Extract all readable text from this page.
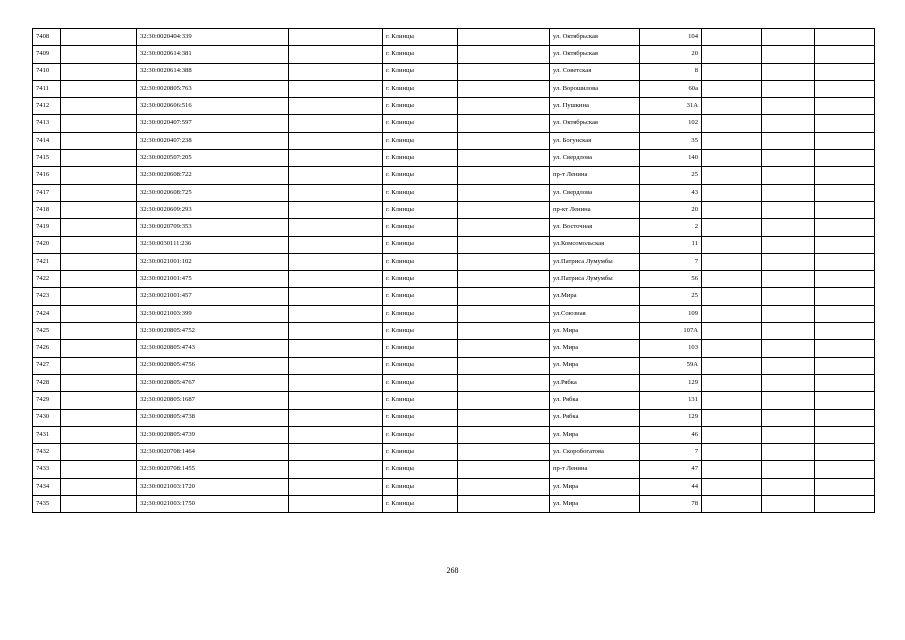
7408		32:30:0020404:339		г. Клинцы		ул. Октябрьская	104			
7409		32:30:0020614:381		г. Клинцы		ул. Октябрьская	20			
7410		32:30:0020614:388		г. Клинцы		ул. Советская	8			
7411		32:30:0020805:763		г. Клинцы		ул. Ворошилова	60а			
7412		32:30:0020606:516		г. Клинцы		ул. Пушкина	31А			
7413		32:30:0020407:597		г. Клинцы		ул. Октябрьская	102			
7414		32:30:0020407:238		г. Клинцы		ул. Богунская	35			
7415		32:30:0020507:205		г. Клинцы		ул. Свердлова	140			
7416		32:30:0020608:722		г. Клинцы		пр-т Ленина	25			
7417		32:30:0020608:725		г. Клинцы		ул. Свердлова	43			
7418		32:30:0020609:293		г. Клинцы		пр-кт Ленина	20			
7419		32:30:0020709:353		г. Клинцы		ул. Восточная	2			
7420		32:30:0030111:236		г. Клинцы		ул.Комсомольская	11			
7421		32:30:0021001:102		г. Клинцы		ул.Патриса Лумумбы	7			
7422		32:30:0021001:475		г. Клинцы		ул.Патриса Лумумбы	56			
7423		32:30:0021001:457		г. Клинцы		ул.Мира	25			
7424		32:30:0021003:399		г. Клинцы		ул.Союзная	109			
7425		32:30:0020805:4752		г. Клинцы		ул. Мира	107А			
7426		32:30:0020805:4743		г. Клинцы		ул. Мира	103			
7427		32:30:0020805:4756		г. Клинцы		ул. Мира	59А			
7428		32:30:0020805:4767		г. Клинцы		ул.Рябка	129			
7429		32:30:0020805:1687		г. Клинцы		ул. Рябка	131			
7430		32:30:0020805:4738		г. Клинцы		ул. Рябка	129			
7431		32:30:0020805:4739		г. Клинцы		ул. Мира	46			
7432		32:30:0020708:1464		г. Клинцы		ул. Скоробогатова	7			
7433		32:30:0020708:1455		г. Клинцы		пр-т Ленина	47			
7434		32:30:0021003:1720		г. Клинцы		ул. Мира	44			
7435		32:30:0021003:1750		г. Клинцы		ул. Мира	78			
268
